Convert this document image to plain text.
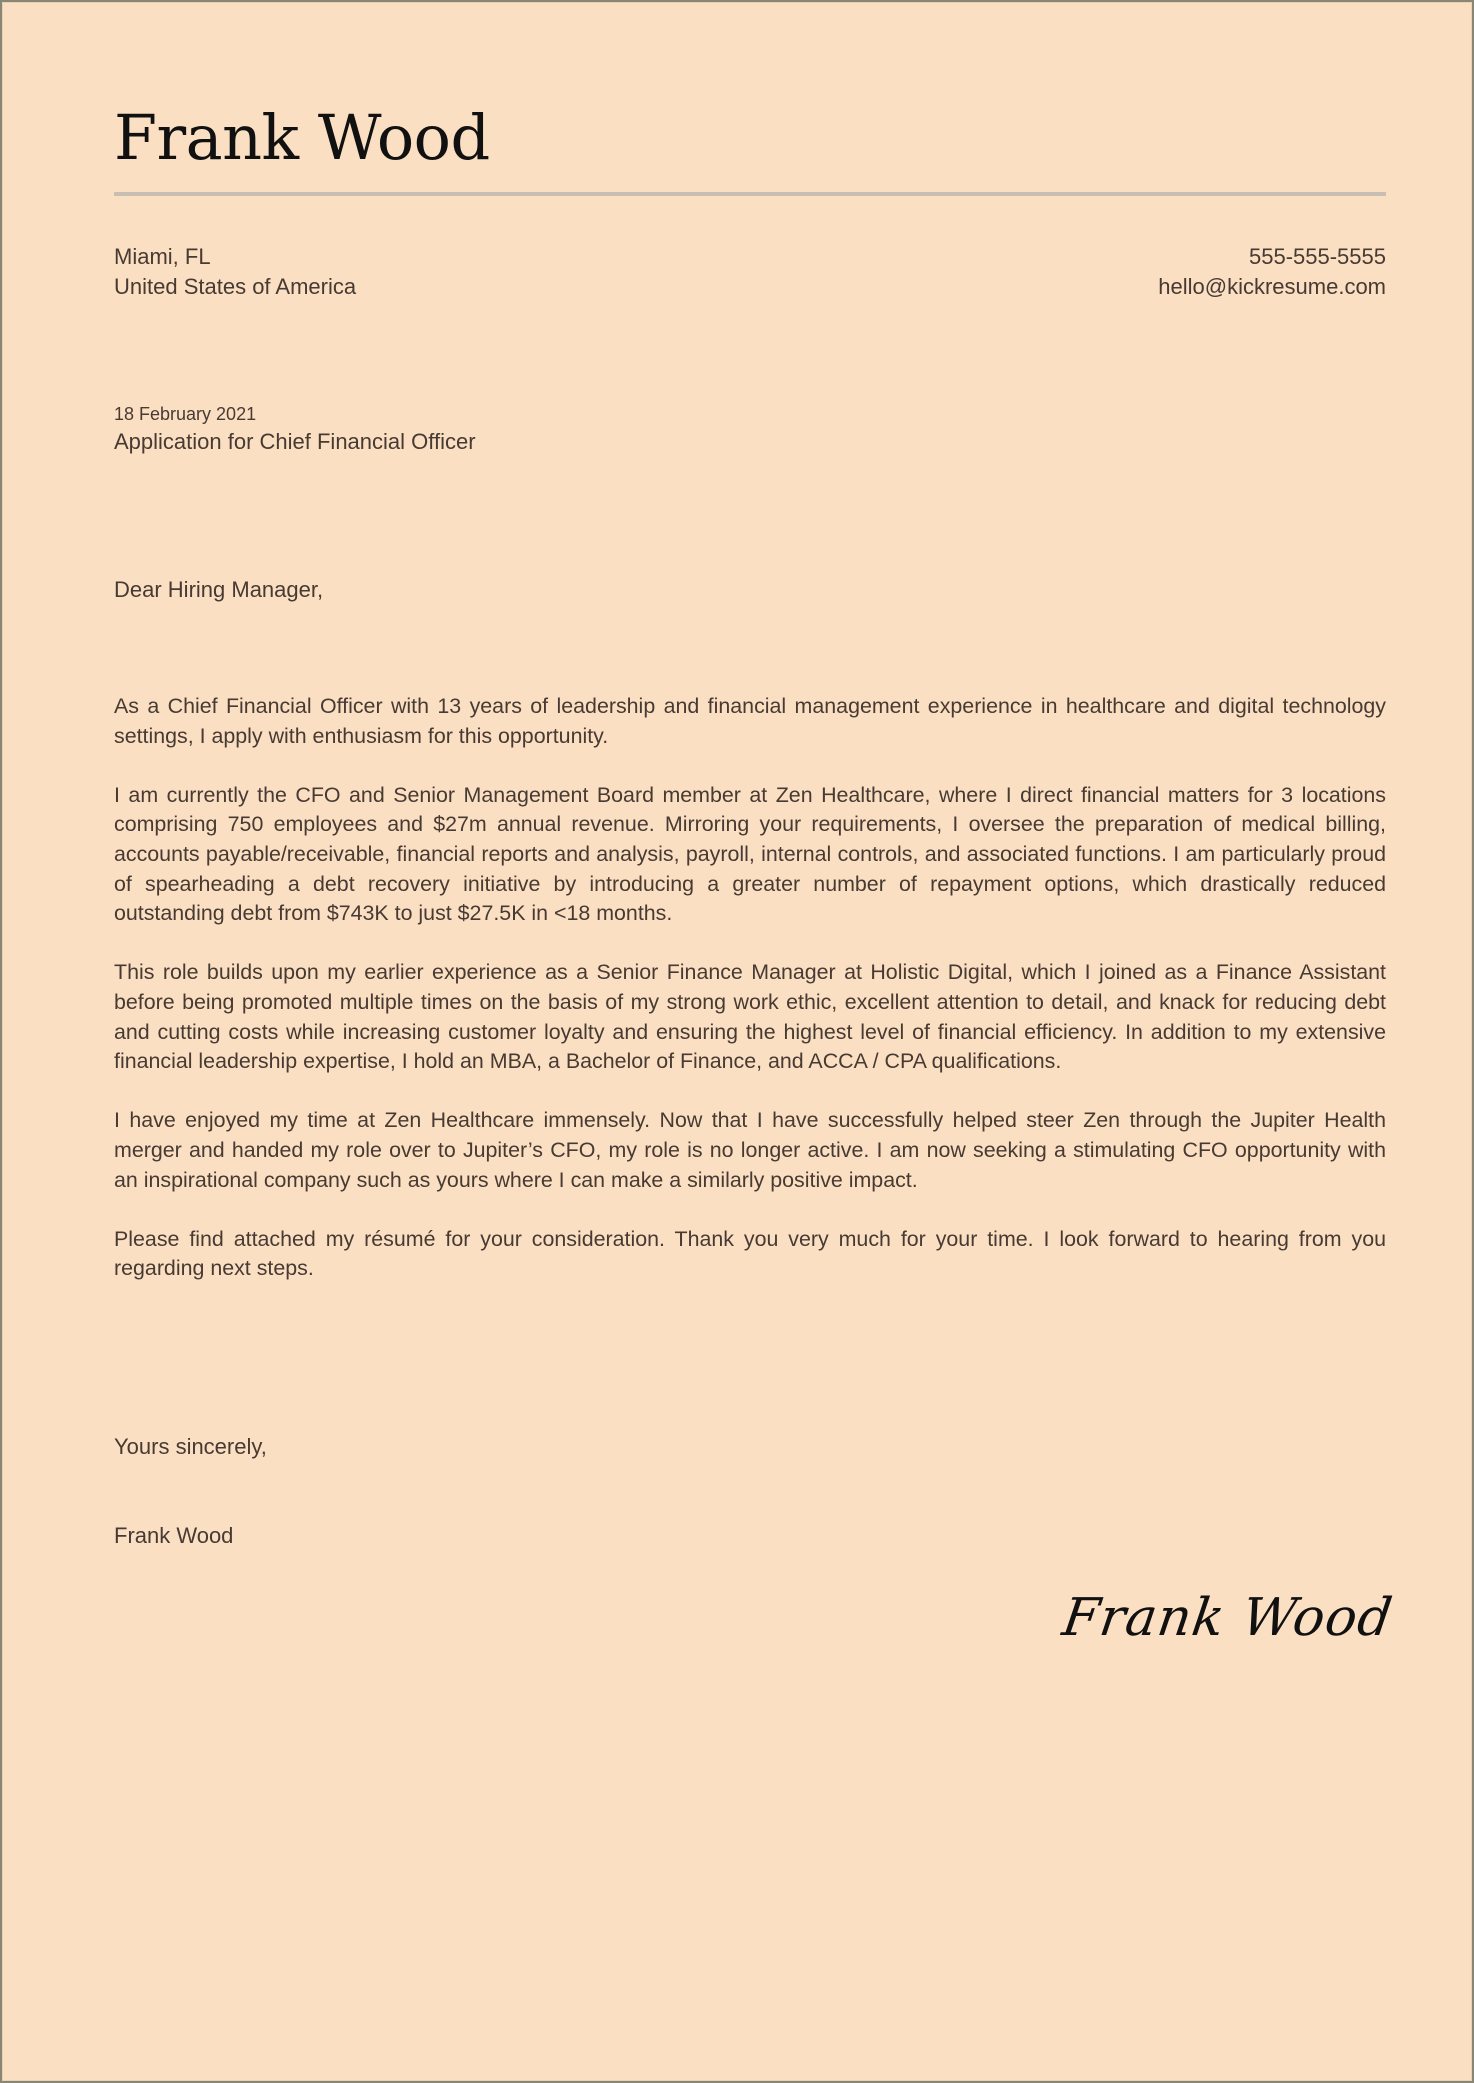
Frank Wood
Miami, FL
United States of America
555-555-5555
hello@kickresume.com
18 February 2021
Application for Chief Financial Officer
Dear Hiring Manager,

As a Chief Financial Officer with 13 years of leadership and financial management experience in healthcare and digital technology settings, I apply with enthusiasm for this opportunity.

I am currently the CFO and Senior Management Board member at Zen Healthcare, where I direct financial matters for 3 locations comprising 750 employees and $27m annual revenue. Mirroring your requirements, I oversee the preparation of medical billing, accounts payable/receivable, financial reports and analysis, payroll, internal controls, and associated functions. I am particularly proud of spearheading a debt recovery initiative by introducing a greater number of repayment options, which drastically reduced outstanding debt from $743K to just $27.5K in <18 months.

This role builds upon my earlier experience as a Senior Finance Manager at Holistic Digital, which I joined as a Finance Assistant before being promoted multiple times on the basis of my strong work ethic, excellent attention to detail, and knack for reducing debt and cutting costs while increasing customer loyalty and ensuring the highest level of financial efficiency. In addition to my extensive financial leadership expertise, I hold an MBA, a Bachelor of Finance, and ACCA / CPA qualifications.

I have enjoyed my time at Zen Healthcare immensely. Now that I have successfully helped steer Zen through the Jupiter Health merger and handed my role over to Jupiter’s CFO, my role is no longer active. I am now seeking a stimulating CFO opportunity with an inspirational company such as yours where I can make a similarly positive impact.

Please find attached my résumé for your consideration. Thank you very much for your time. I look forward to hearing from you regarding next steps.

Yours sincerely,
Frank Wood
Frank Wood
